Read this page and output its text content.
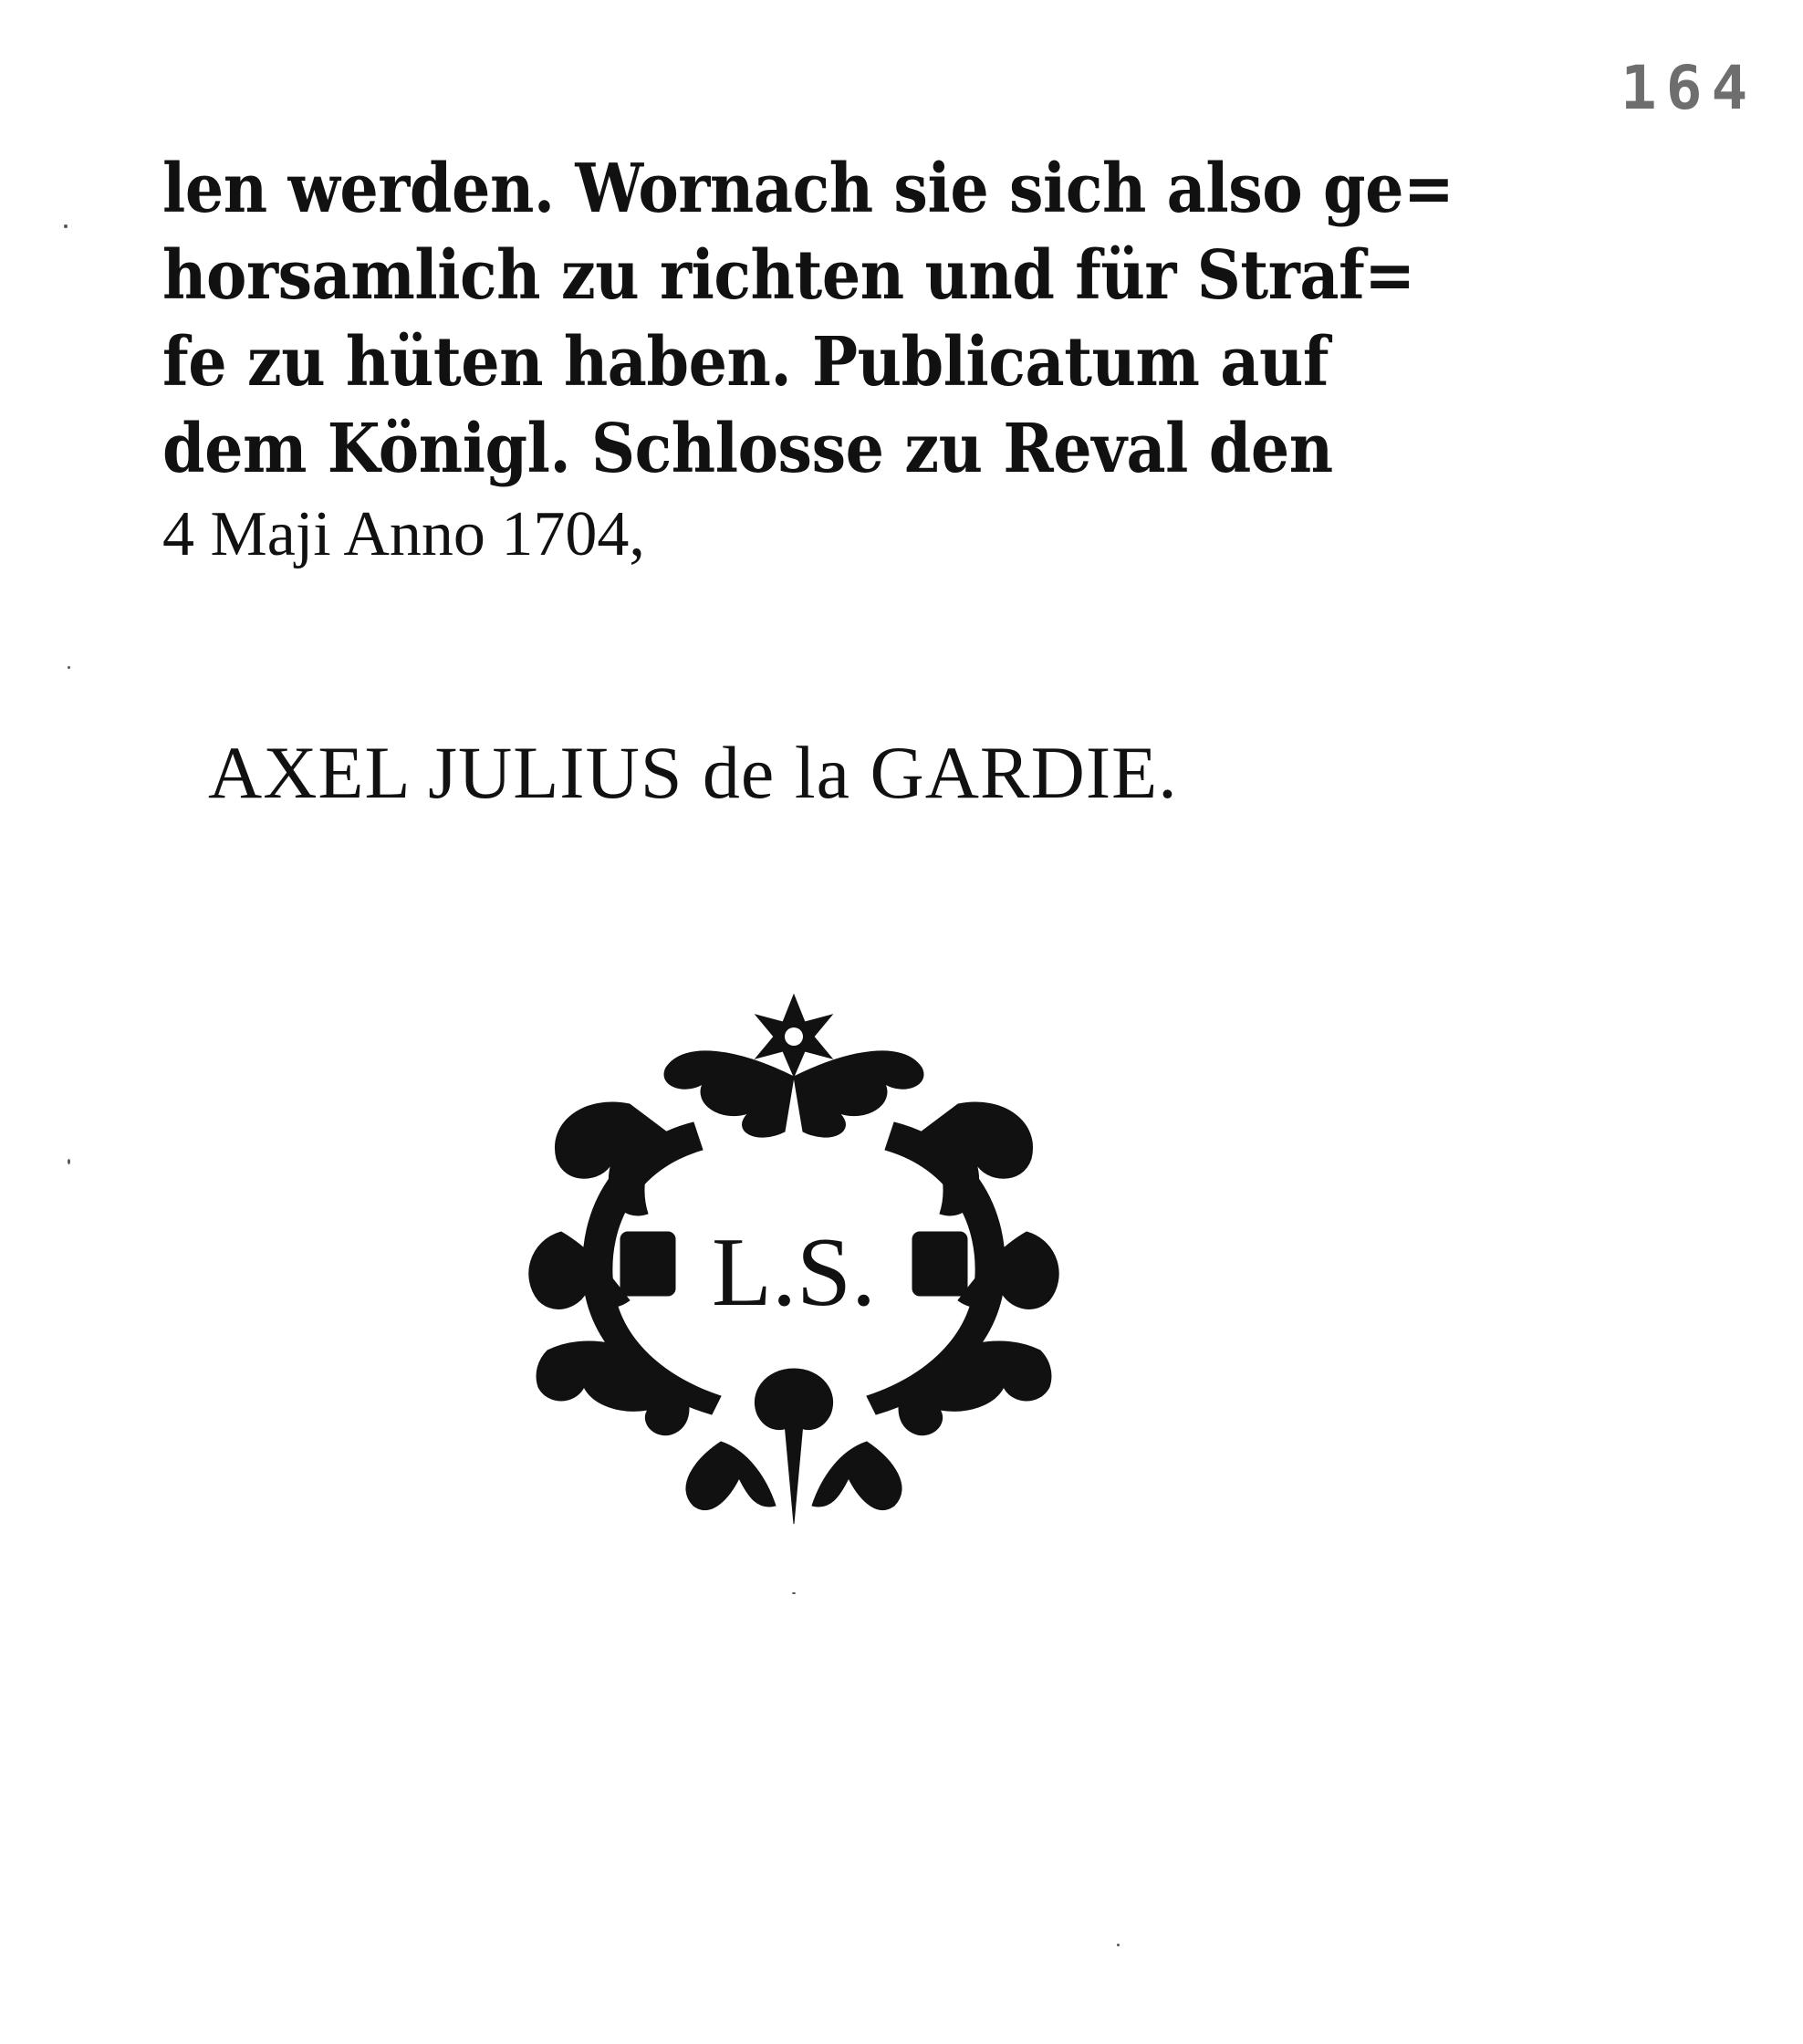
164
len werden. Wornach sie sich also ge=
horsamlich zu richten und für Straf=
fe zu hüten haben. Publicatum auf
dem Königl. Schlosse zu Reval den
4 Maji Anno 1704,
AXEL JULIUS de la GARDIE.
L.S.
